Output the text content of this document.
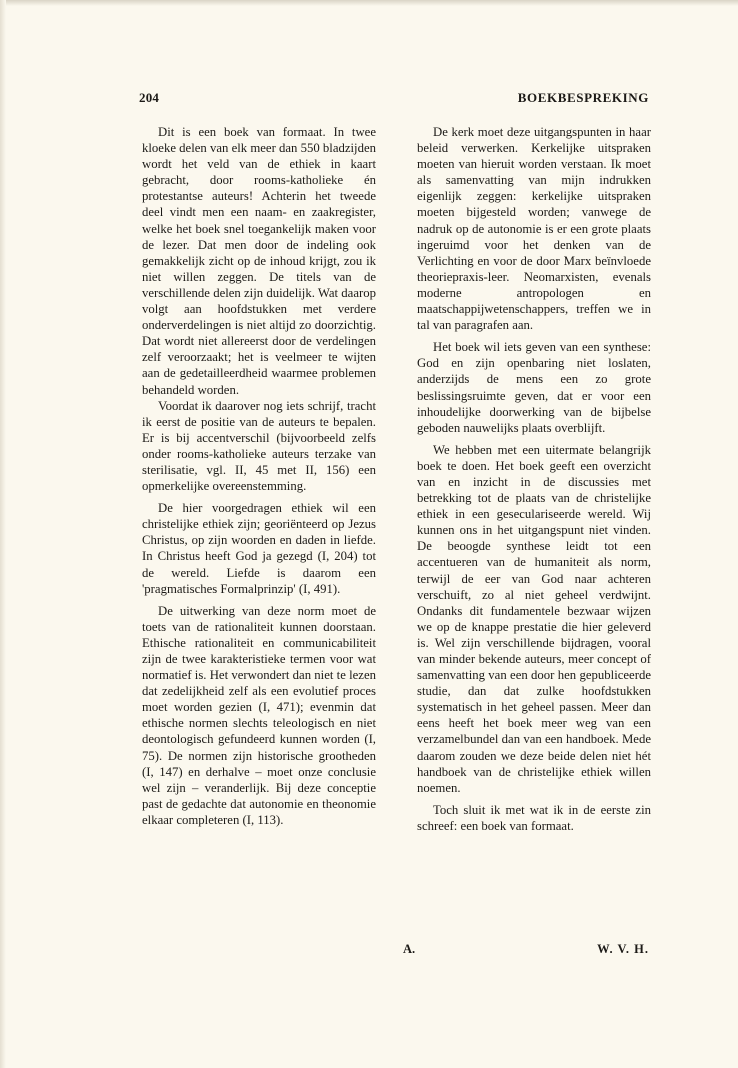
204	BOEKBESPREKING

Dit is een boek van formaat. In twee kloeke delen van elk meer dan 550 bladzijden wordt het veld van de ethiek in kaart gebracht, door rooms-katholieke én protestantse auteurs! Achterin het tweede deel vindt men een naam- en zaakregister, welke het boek snel toegankelijk maken voor de lezer. Dat men door de indeling ook gemakkelijk zicht op de inhoud krijgt, zou ik niet willen zeggen. De titels van de verschillende delen zijn duidelijk. Wat daarop volgt aan hoofdstukken met verdere onderverdelingen is niet altijd zo doorzichtig. Dat wordt niet allereerst door de verdelingen zelf veroorzaakt; het is veelmeer te wijten aan de gedetailleerdheid waarmee problemen behandeld worden.

Voordat ik daarover nog iets schrijf, tracht ik eerst de positie van de auteurs te bepalen. Er is bij accentverschil (bijvoorbeeld zelfs onder rooms-katholieke auteurs terzake van sterilisatie, vgl. II, 45 met II, 156) een opmerkelijke overeenstemming.

De hier voorgedragen ethiek wil een christelijke ethiek zijn; georiënteerd op Jezus Christus, op zijn woorden en daden in liefde. In Christus heeft God ja gezegd (I, 204) tot de wereld. Liefde is daarom een 'pragmatisches Formalprinzip' (I, 491).

De uitwerking van deze norm moet de toets van de rationaliteit kunnen doorstaan. Ethische rationaliteit en communicabiliteit zijn de twee karakteristieke termen voor wat normatief is. Het verwondert dan niet te lezen dat zedelijkheid zelf als een evolutief proces moet worden gezien (I, 471); evenmin dat ethische normen slechts teleologisch en niet deontologisch gefundeerd kunnen worden (I, 75). De normen zijn historische grootheden (I, 147) en derhalve – moet onze conclusie wel zijn – veranderlijk. Bij deze conceptie past de gedachte dat autonomie en theonomie elkaar completeren (I, 113).

De kerk moet deze uitgangspunten in haar beleid verwerken. Kerkelijke uitspraken moeten van hieruit worden verstaan. Ik moet als samenvatting van mijn indrukken eigenlijk zeggen: kerkelijke uitspraken moeten bijgesteld worden; vanwege de nadruk op de autonomie is er een grote plaats ingeruimd voor het denken van de Verlichting en voor de door Marx beïnvloede theoriepraxis-leer. Neomarxisten, evenals moderne antropologen en maatschappijwetenschappers, treffen we in tal van paragrafen aan.

Het boek wil iets geven van een synthese: God en zijn openbaring niet loslaten, anderzijds de mens een zo grote beslissingsruimte geven, dat er voor een inhoudelijke doorwerking van de bijbelse geboden nauwelijks plaats overblijft.

We hebben met een uitermate belangrijk boek te doen. Het boek geeft een overzicht van en inzicht in de discussies met betrekking tot de plaats van de christelijke ethiek in een geseculariseerde wereld. Wij kunnen ons in het uitgangspunt niet vinden. De beoogde synthese leidt tot een accentueren van de humaniteit als norm, terwijl de eer van God naar achteren verschuift, zo al niet geheel verdwijnt. Ondanks dit fundamentele bezwaar wijzen we op de knappe prestatie die hier geleverd is. Wel zijn verschillende bijdragen, vooral van minder bekende auteurs, meer concept of samenvatting van een door hen gepubliceerde studie, dan dat zulke hoofdstukken systematisch in het geheel passen. Meer dan eens heeft het boek meer weg van een verzamelbundel dan van een handboek. Mede daarom zouden we deze beide delen niet hét handboek van de christelijke ethiek willen noemen.

Toch sluit ik met wat ik in de eerste zin schreef: een boek van formaat.

A.	W. V. H.
